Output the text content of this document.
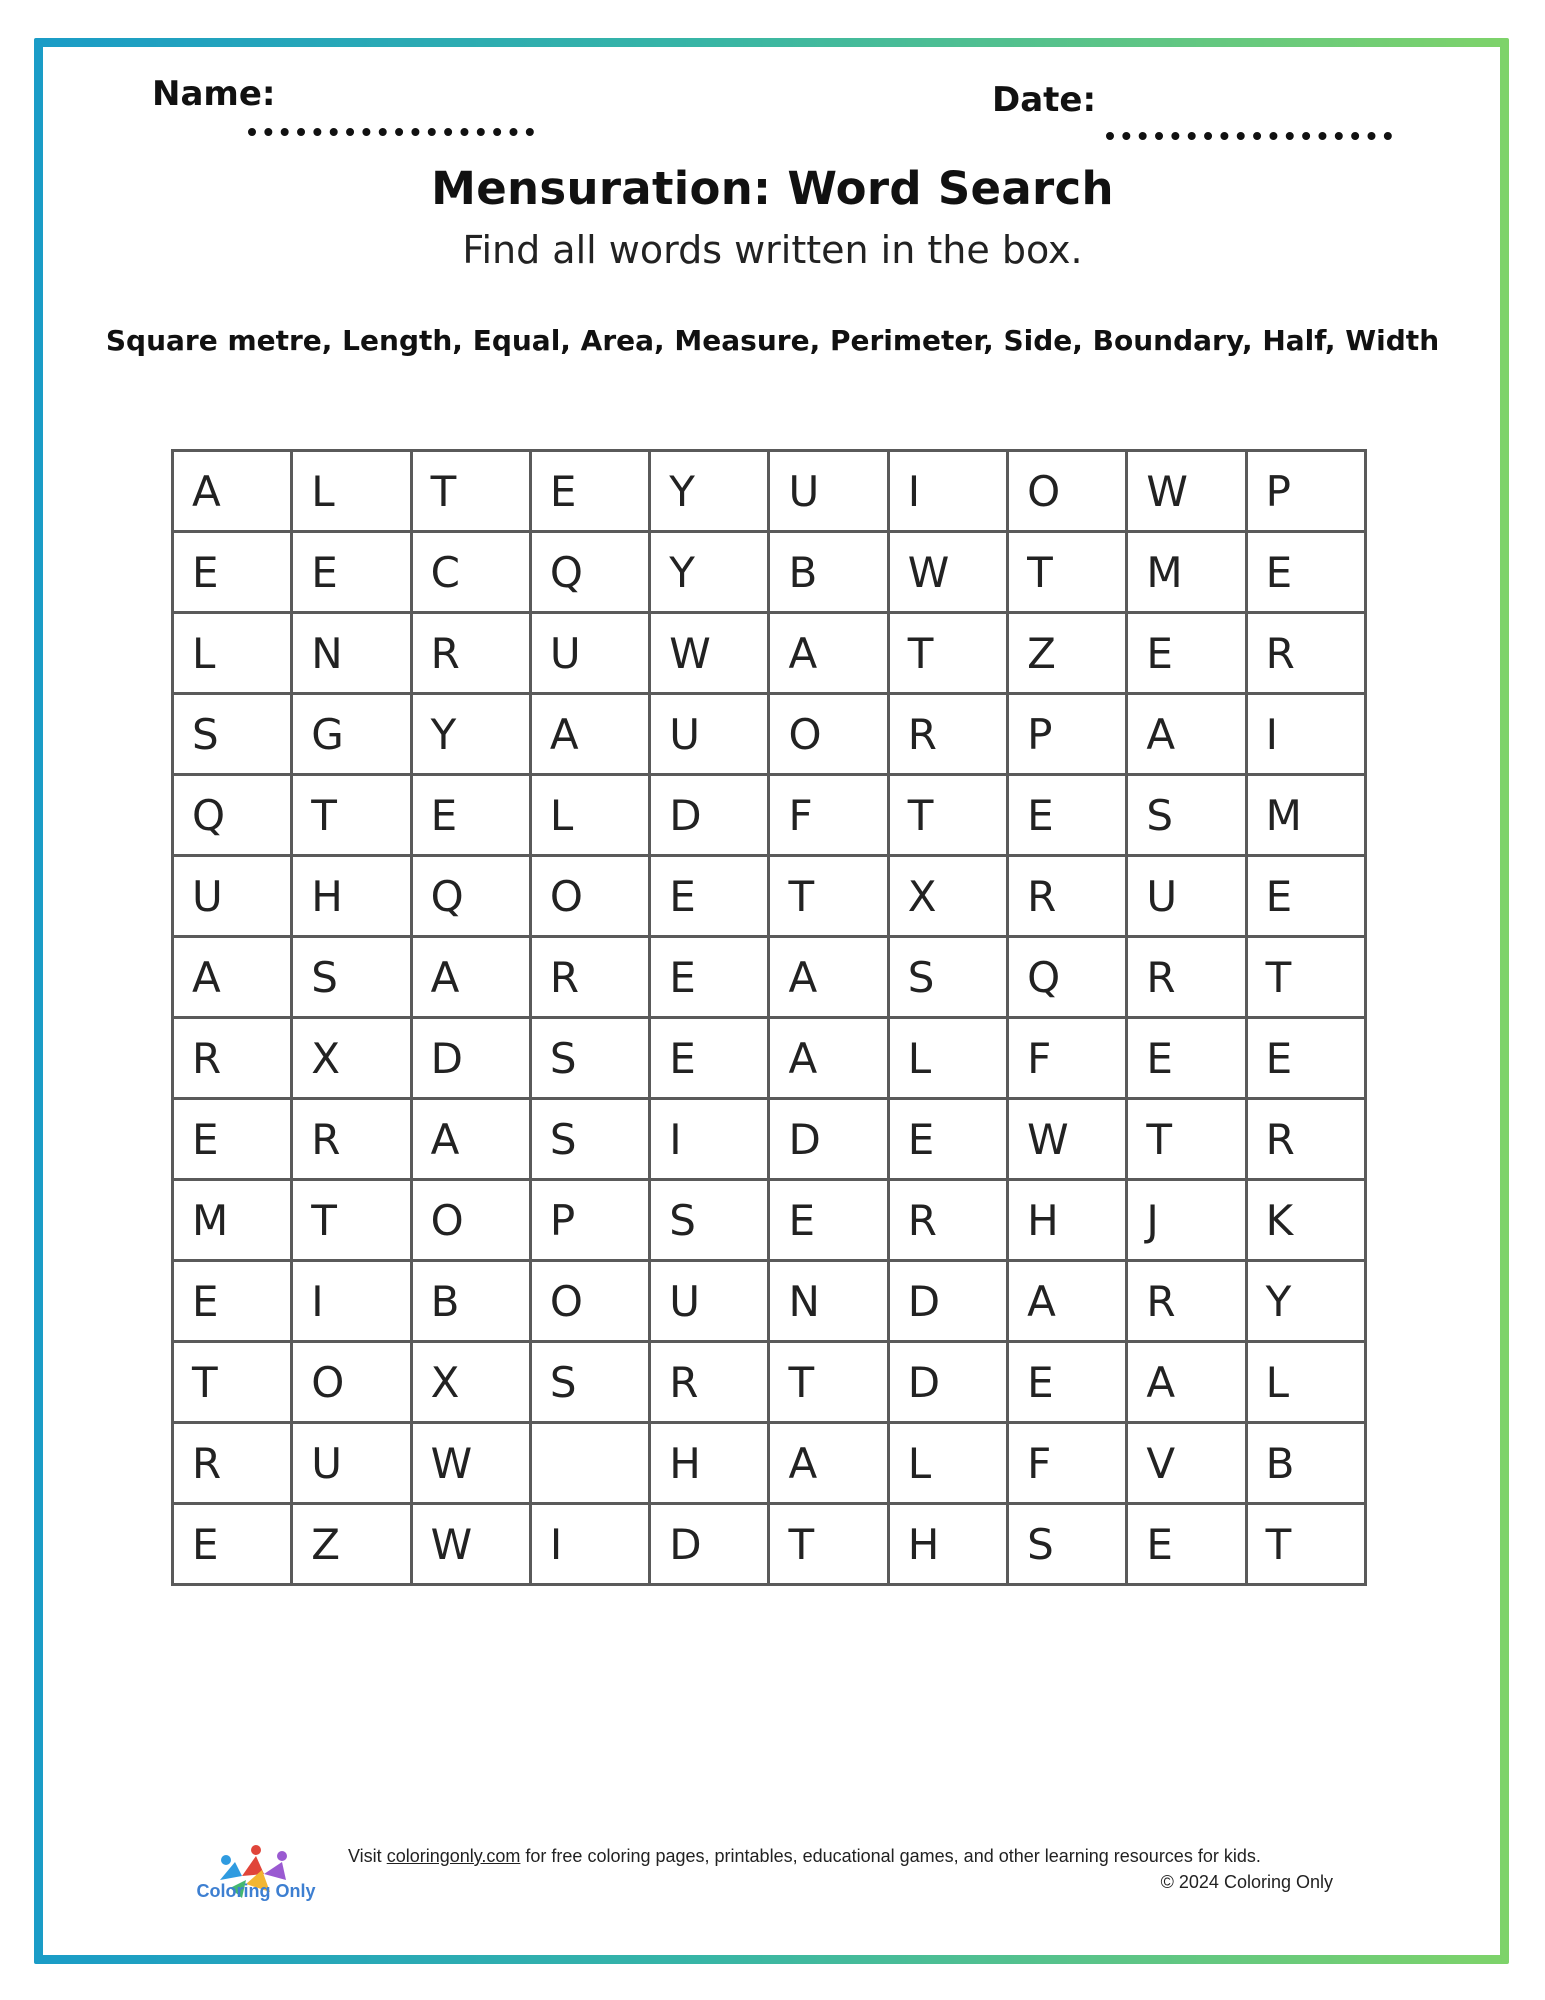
Name:	Date:
Mensuration: Word Search
Find all words written in the box.
Square metre, Length, Equal, Area, Measure, Perimeter, Side, Boundary, Half, Width
A	L	T	E	Y	U	I	O	W	P
E	E	C	Q	Y	B	W	T	M	E
L	N	R	U	W	A	T	Z	E	R
S	G	Y	A	U	O	R	P	A	I
Q	T	E	L	D	F	T	E	S	M
U	H	Q	O	E	T	X	R	U	E
A	S	A	R	E	A	S	Q	R	T
R	X	D	S	E	A	L	F	E	E
E	R	A	S	I	D	E	W	T	R
M	T	O	P	S	E	R	H	J	K
E	I	B	O	U	N	D	A	R	Y
T	O	X	S	R	T	D	E	A	L
R	U	W		H	A	L	F	V	B
E	Z	W	I	D	T	H	S	E	T
Coloring Only
Visit coloringonly.com for free coloring pages, printables, educational games, and other learning resources for kids.
© 2024 Coloring Only
